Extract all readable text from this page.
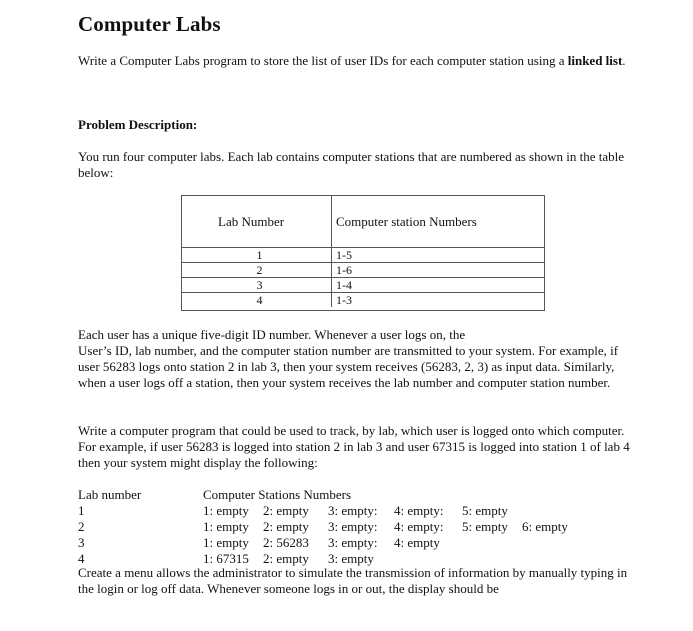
Computer Labs
Write a Computer Labs program to store the list of user IDs for each computer station using a linked list.
Problem Description:
You run four computer labs. Each lab contains computer stations that are numbered as shown in the table below:
Lab Number	Computer station Numbers
1	1-5
2	1-6
3	1-4
4	1-3
Each user has a unique five-digit ID number. Whenever a user logs on, the
User’s ID, lab number, and the computer station number are transmitted to your system. For example, if user 56283 logs onto station 2 in lab 3, then your system receives (56283, 2, 3) as input data. Similarly, when a user logs off a station, then your system receives the lab number and computer station number.
Write a computer program that could be used to track, by lab, which user is logged onto which computer. For example, if user 56283 is logged into station 2 in lab 3 and user 67315 is logged into station 1 of lab 4 then your system might display the following:
Lab number	Computer Stations Numbers
1	1: empty 2: empty 3: empty: 4: empty: 5: empty
2	1: empty 2: empty 3: empty: 4: empty: 5: empty 6: empty
3	1: empty 2: 56283 3: empty: 4: empty
4	1: 67315 2: empty 3: empty
Create a menu allows the administrator to simulate the transmission of information by manually typing in the login or log off data. Whenever someone logs in or out, the display should be
